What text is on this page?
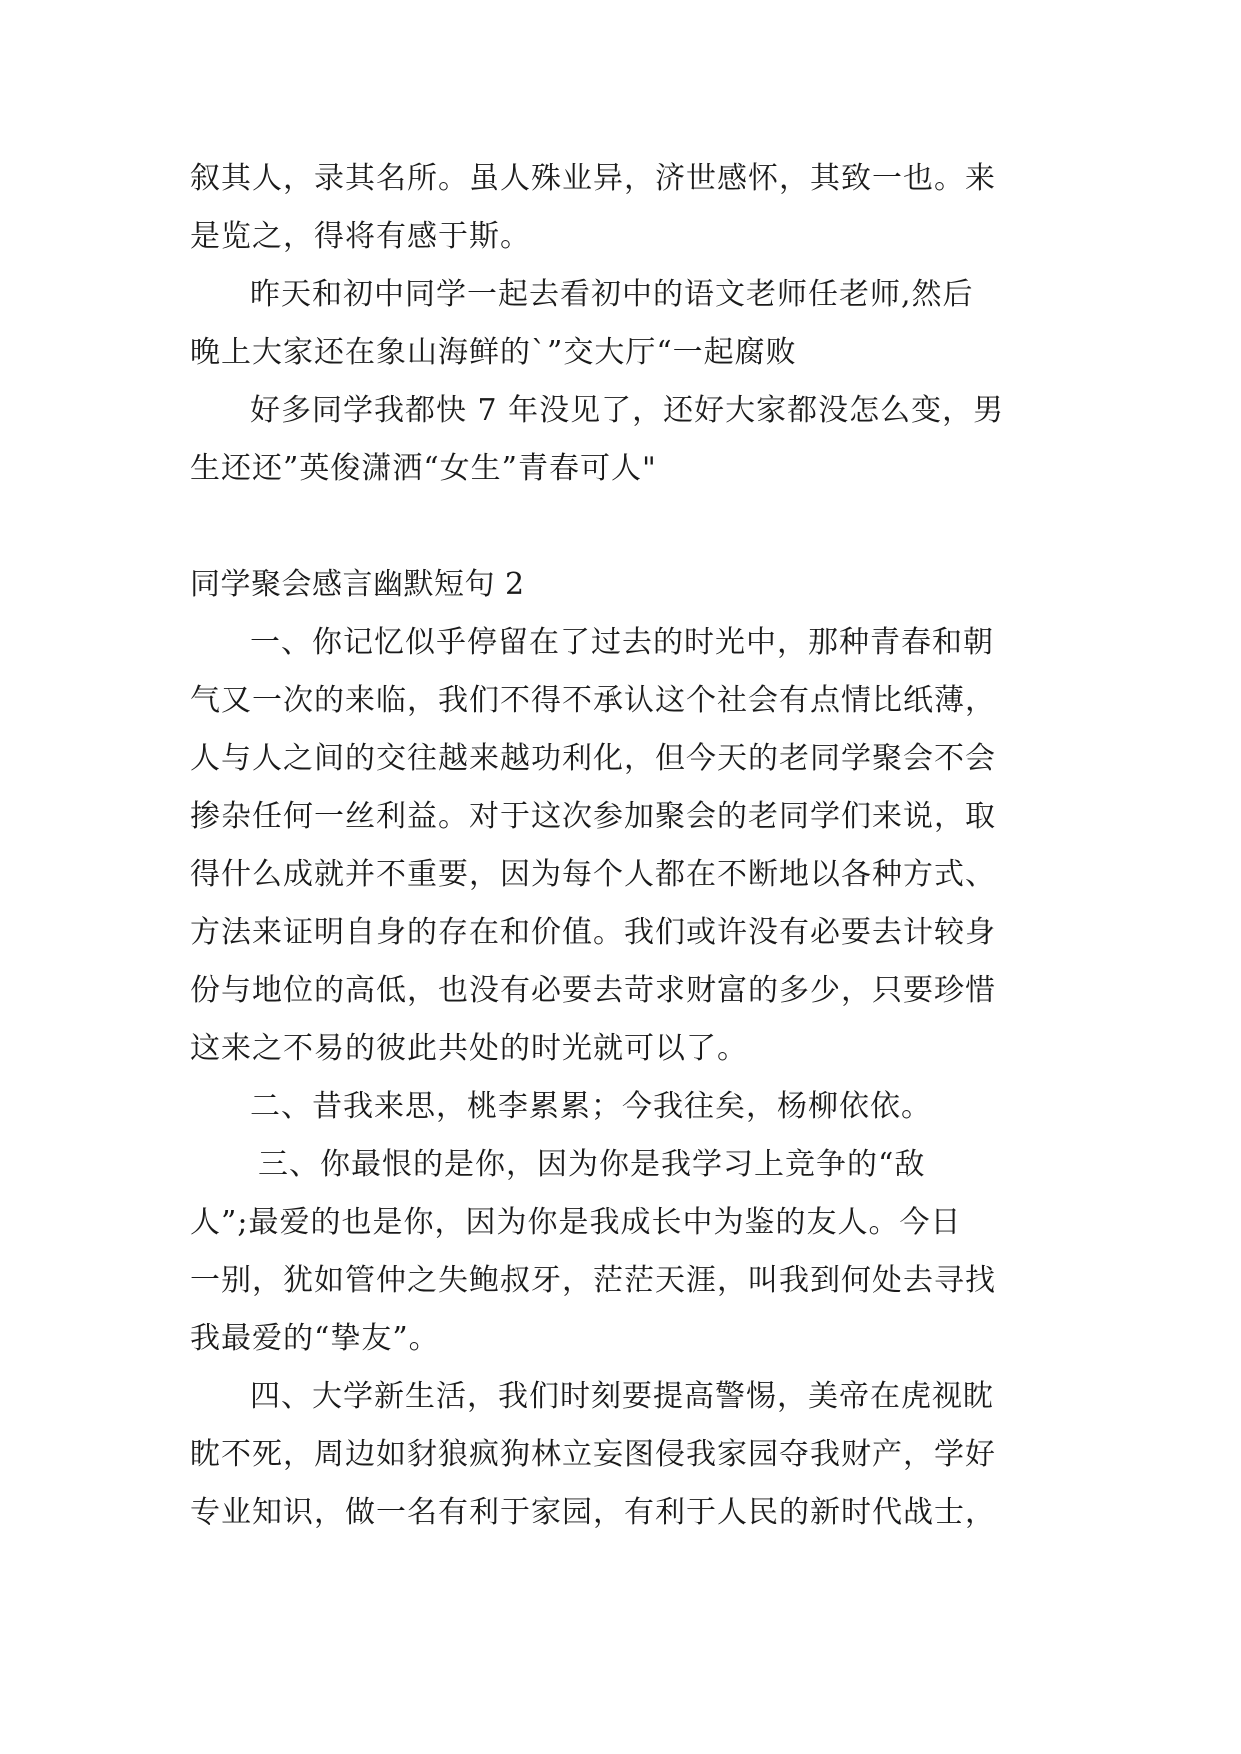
叙其人，录其名所。虽人殊业异，济世感怀，其致一也。来
是览之，得将有感于斯。

昨天和初中同学一起去看初中的语文老师任老师,然后
晚上大家还在象山海鲜的`”交大厅“一起腐败

好多同学我都快 7 年没见了，还好大家都没怎么变，男
生还还”英俊潇洒“女生”青春可人"

同学聚会感言幽默短句 2

一、你记忆似乎停留在了过去的时光中，那种青春和朝
气又一次的来临，我们不得不承认这个社会有点情比纸薄，
人与人之间的交往越来越功利化，但今天的老同学聚会不会
掺杂任何一丝利益。对于这次参加聚会的老同学们来说，取
得什么成就并不重要，因为每个人都在不断地以各种方式、
方法来证明自身的存在和价值。我们或许没有必要去计较身
份与地位的高低，也没有必要去苛求财富的多少，只要珍惜
这来之不易的彼此共处的时光就可以了。

二、昔我来思，桃李累累；今我往矣，杨柳依依。

三、你最恨的是你，因为你是我学习上竞争的“敌
人”;最爱的也是你，因为你是我成长中为鉴的友人。今日
一别，犹如管仲之失鲍叔牙，茫茫天涯，叫我到何处去寻找
我最爱的“挚友”。

四、大学新生活，我们时刻要提高警惕，美帝在虎视眈
眈不死，周边如豺狼疯狗林立妄图侵我家园夺我财产，学好
专业知识，做一名有利于家园，有利于人民的新时代战士，
